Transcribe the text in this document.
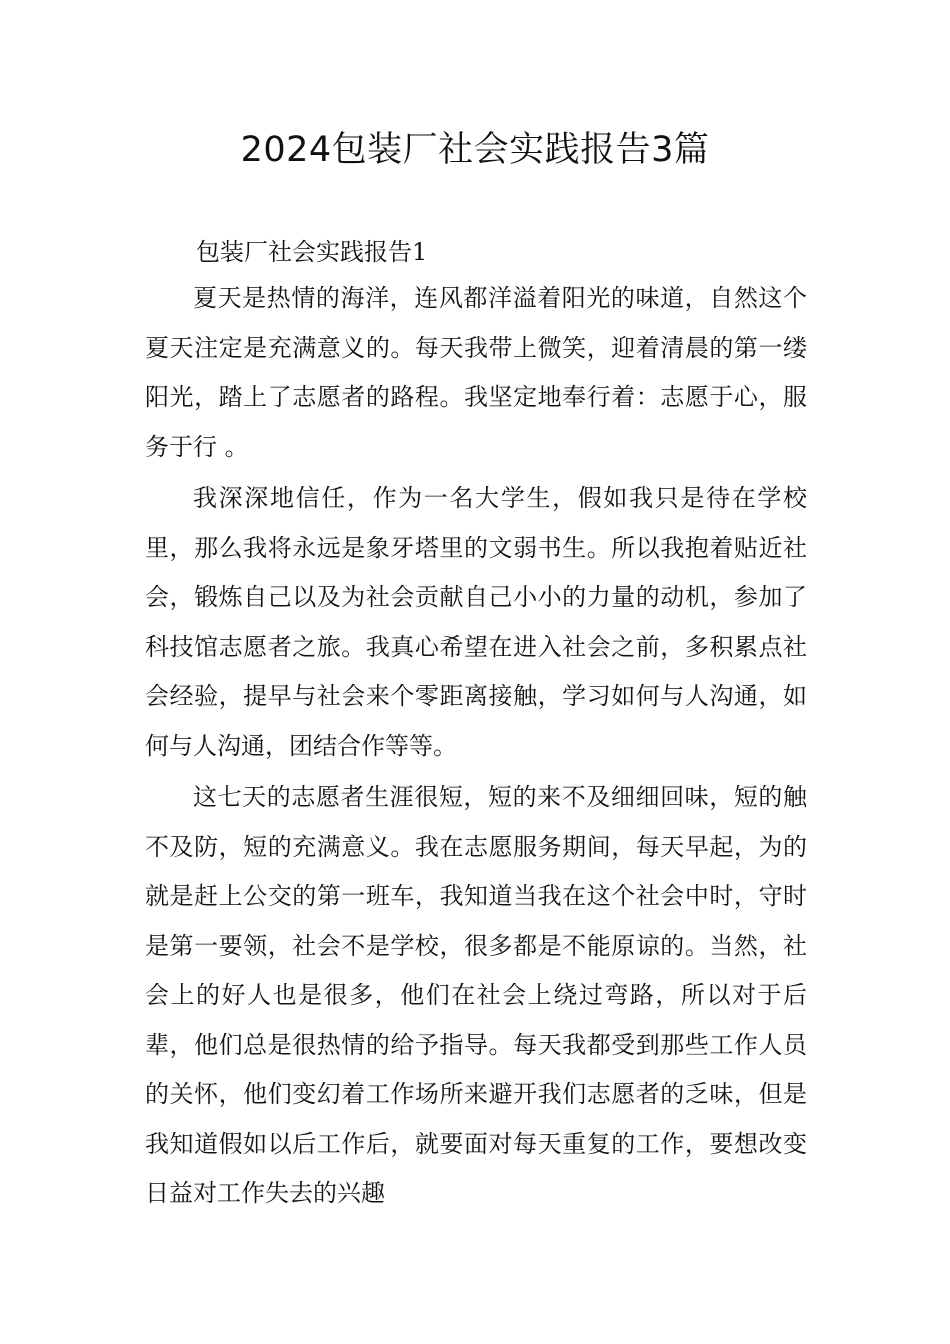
2024包装厂社会实践报告3篇
包装厂社会实践报告1

夏天是热情的海洋，连风都洋溢着阳光的味道，自然这个夏天注定是充满意义的。每天我带上微笑，迎着清晨的第一缕阳光，踏上了志愿者的路程。我坚定地奉行着：志愿于心，服务于行 。

我深深地信任，作为一名大学生，假如我只是待在学校里，那么我将永远是象牙塔里的文弱书生。所以我抱着贴近社会，锻炼自己以及为社会贡献自己小小的力量的动机，参加了科技馆志愿者之旅。我真心希望在进入社会之前，多积累点社会经验，提早与社会来个零距离接触，学习如何与人沟通，如何与人沟通，团结合作等等。

这七天的志愿者生涯很短，短的来不及细细回味，短的触不及防，短的充满意义。我在志愿服务期间，每天早起，为的就是赶上公交的第一班车，我知道当我在这个社会中时，守时是第一要领，社会不是学校，很多都是不能原谅的。当然，社会上的好人也是很多，他们在社会上绕过弯路，所以对于后辈，他们总是很热情的给予指导。每天我都受到那些工作人员的关怀，他们变幻着工作场所来避开我们志愿者的乏味，但是我知道假如以后工作后，就要面对每天重复的工作，要想改变日益对工作失去的兴趣
